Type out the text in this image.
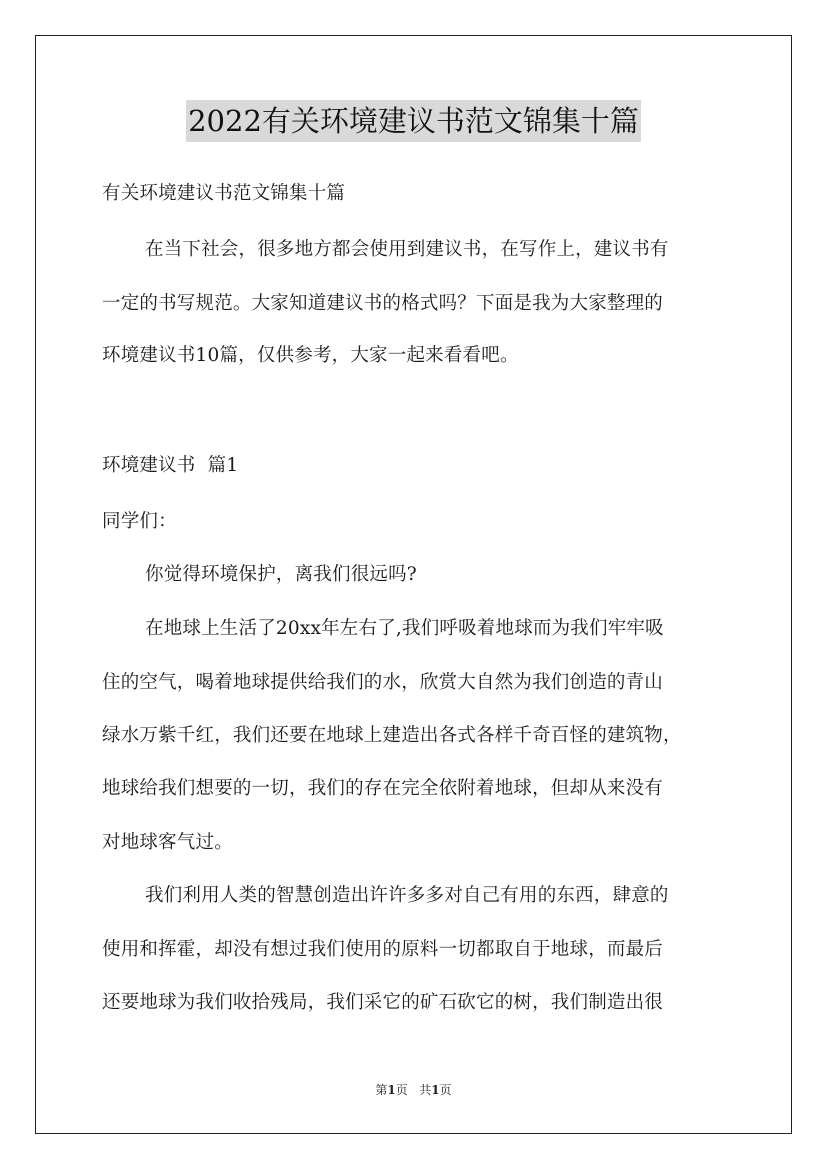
2022有关环境建议书范文锦集十篇
有关环境建议书范文锦集十篇
在当下社会，很多地方都会使用到建议书，在写作上，建议书有
一定的书写规范。大家知道建议书的格式吗？下面是我为大家整理的
环境建议书10篇，仅供参考，大家一起来看看吧。
环境建议书  篇1
同学们：
你觉得环境保护，离我们很远吗?
在地球上生活了20xx年左右了,我们呼吸着地球而为我们牢牢吸
住的空气，喝着地球提供给我们的水，欣赏大自然为我们创造的青山
绿水万紫千红，我们还要在地球上建造出各式各样千奇百怪的建筑物，
地球给我们想要的一切，我们的存在完全依附着地球，但却从来没有
对地球客气过。
我们利用人类的智慧创造出许许多多对自己有用的东西，肆意的
使用和挥霍，却没有想过我们使用的原料一切都取自于地球，而最后
还要地球为我们收拾残局，我们采它的矿石砍它的树，我们制造出很
第1页 共1页
